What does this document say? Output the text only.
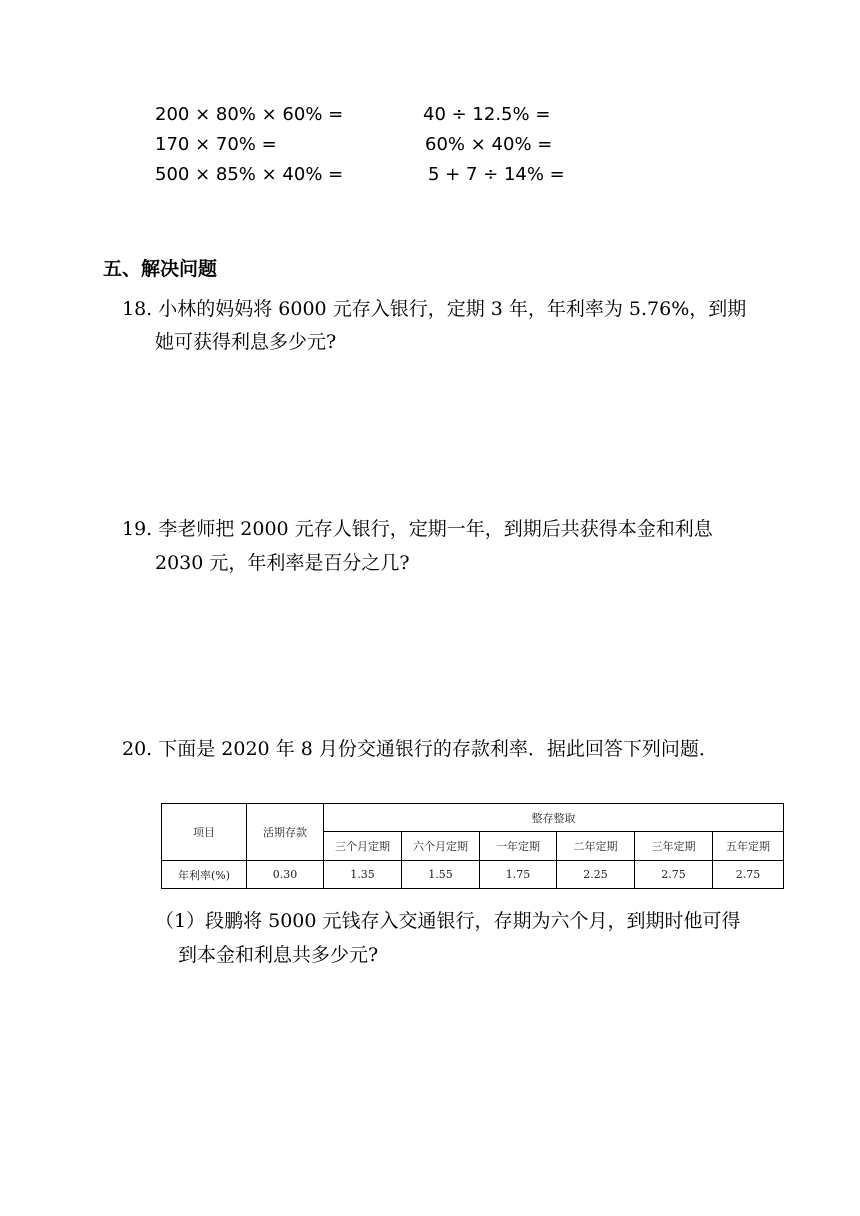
200 × 80% × 60% =	40 ÷ 12.5% =
170 × 70% =	60% × 40% =
500 × 85% × 40% =	5 + 7 ÷ 14% =
五、解决问题
18. 小林的妈妈将 6000 元存入银行，定期 3 年，年利率为 5.76%，到期
她可获得利息多少元?
19. 李老师把 2000 元存人银行，定期一年，到期后共获得本金和利息
2030 元，年利率是百分之几?
20. 下面是 2020 年 8 月份交通银行的存款利率．据此回答下列问题．
项目	活期存款	整存整取					
		三个月定期	六个月定期	一年定期	二年定期	三年定期	五年定期
年利率(%)	0.30	1.35	1.55	1.75	2.25	2.75	2.75
（1）段鹏将 5000 元钱存入交通银行，存期为六个月，到期时他可得
到本金和利息共多少元?
